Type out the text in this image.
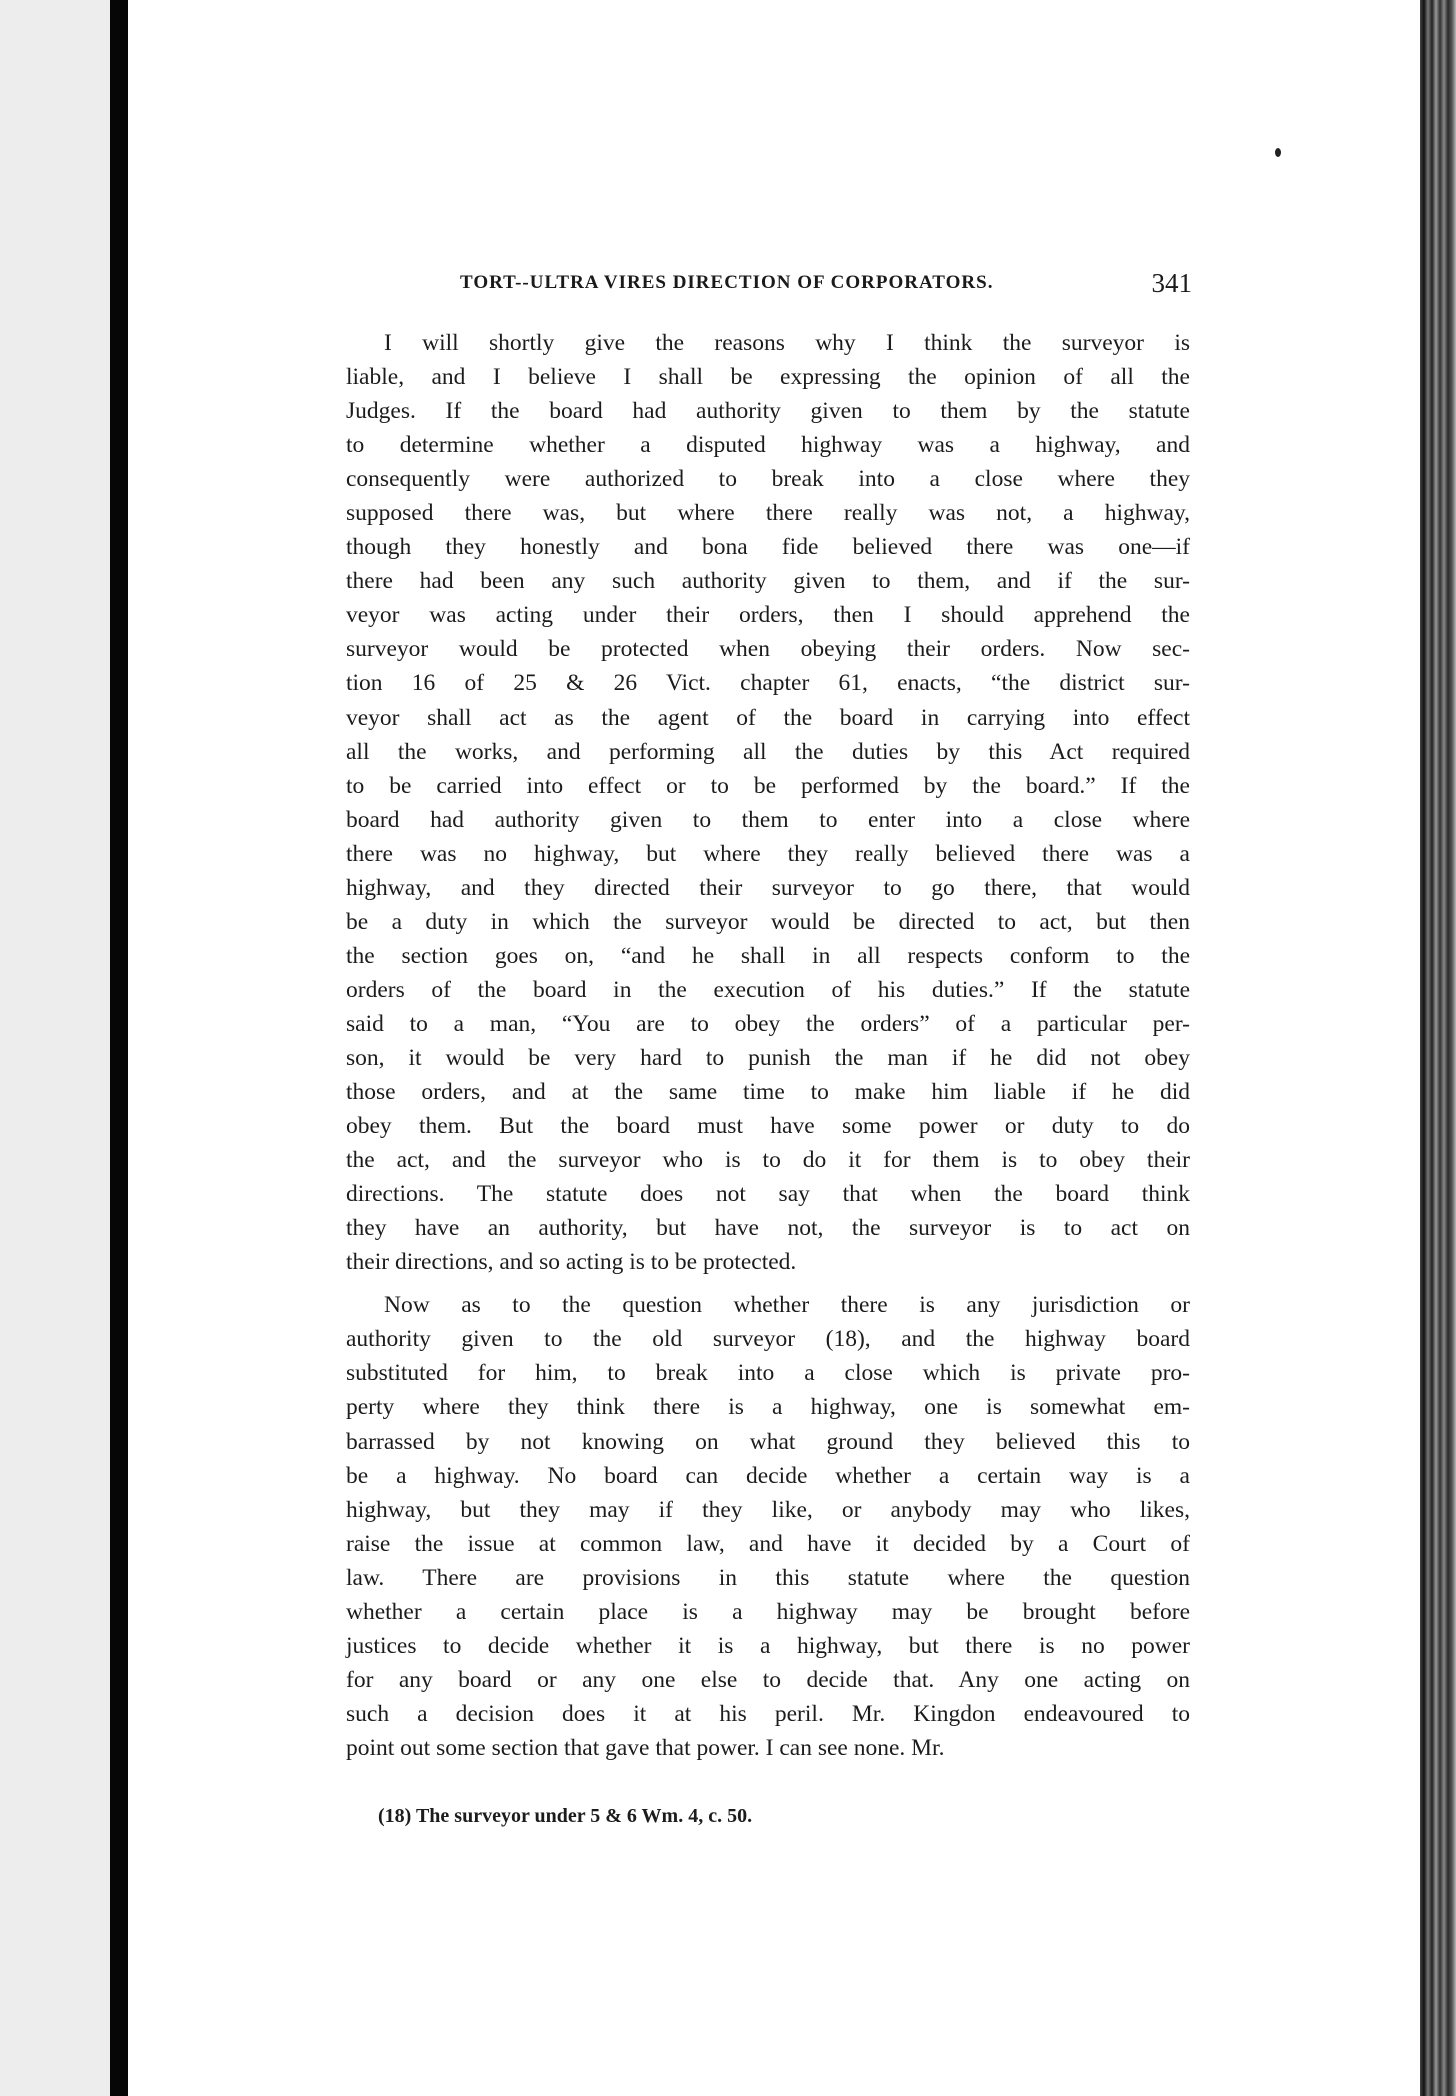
TORT--ULTRA VIRES DIRECTION OF CORPORATORS.	341
I will shortly give the reasons why I think the surveyor is
liable, and I believe I shall be expressing the opinion of all the
Judges. If the board had authority given to them by the statute
to determine whether a disputed highway was a highway, and
consequently were authorized to break into a close where they
supposed there was, but where there really was not, a highway,
though they honestly and bona fide believed there was one—if
there had been any such authority given to them, and if the sur-
veyor was acting under their orders, then I should apprehend the
surveyor would be protected when obeying their orders. Now sec-
tion 16 of 25 & 26 Vict. chapter 61, enacts, “the district sur-
veyor shall act as the agent of the board in carrying into effect
all the works, and performing all the duties by this Act required
to be carried into effect or to be performed by the board.” If the
board had authority given to them to enter into a close where
there was no highway, but where they really believed there was a
highway, and they directed their surveyor to go there, that would
be a duty in which the surveyor would be directed to act, but then
the section goes on, “and he shall in all respects conform to the
orders of the board in the execution of his duties.” If the statute
said to a man, “You are to obey the orders” of a particular per-
son, it would be very hard to punish the man if he did not obey
those orders, and at the same time to make him liable if he did
obey them. But the board must have some power or duty to do
the act, and the surveyor who is to do it for them is to obey their
directions. The statute does not say that when the board think
they have an authority, but have not, the surveyor is to act on
their directions, and so acting is to be protected.
Now as to the question whether there is any jurisdiction or
authority given to the old surveyor (18), and the highway board
substituted for him, to break into a close which is private pro-
perty where they think there is a highway, one is somewhat em-
barrassed by not knowing on what ground they believed this to
be a highway. No board can decide whether a certain way is a
highway, but they may if they like, or anybody may who likes,
raise the issue at common law, and have it decided by a Court of
law. There are provisions in this statute where the question
whether a certain place is a highway may be brought before
justices to decide whether it is a highway, but there is no power
for any board or any one else to decide that. Any one acting on
such a decision does it at his peril. Mr. Kingdon endeavoured to
point out some section that gave that power. I can see none. Mr.
(18) The surveyor under 5 & 6 Wm. 4, c. 50.
